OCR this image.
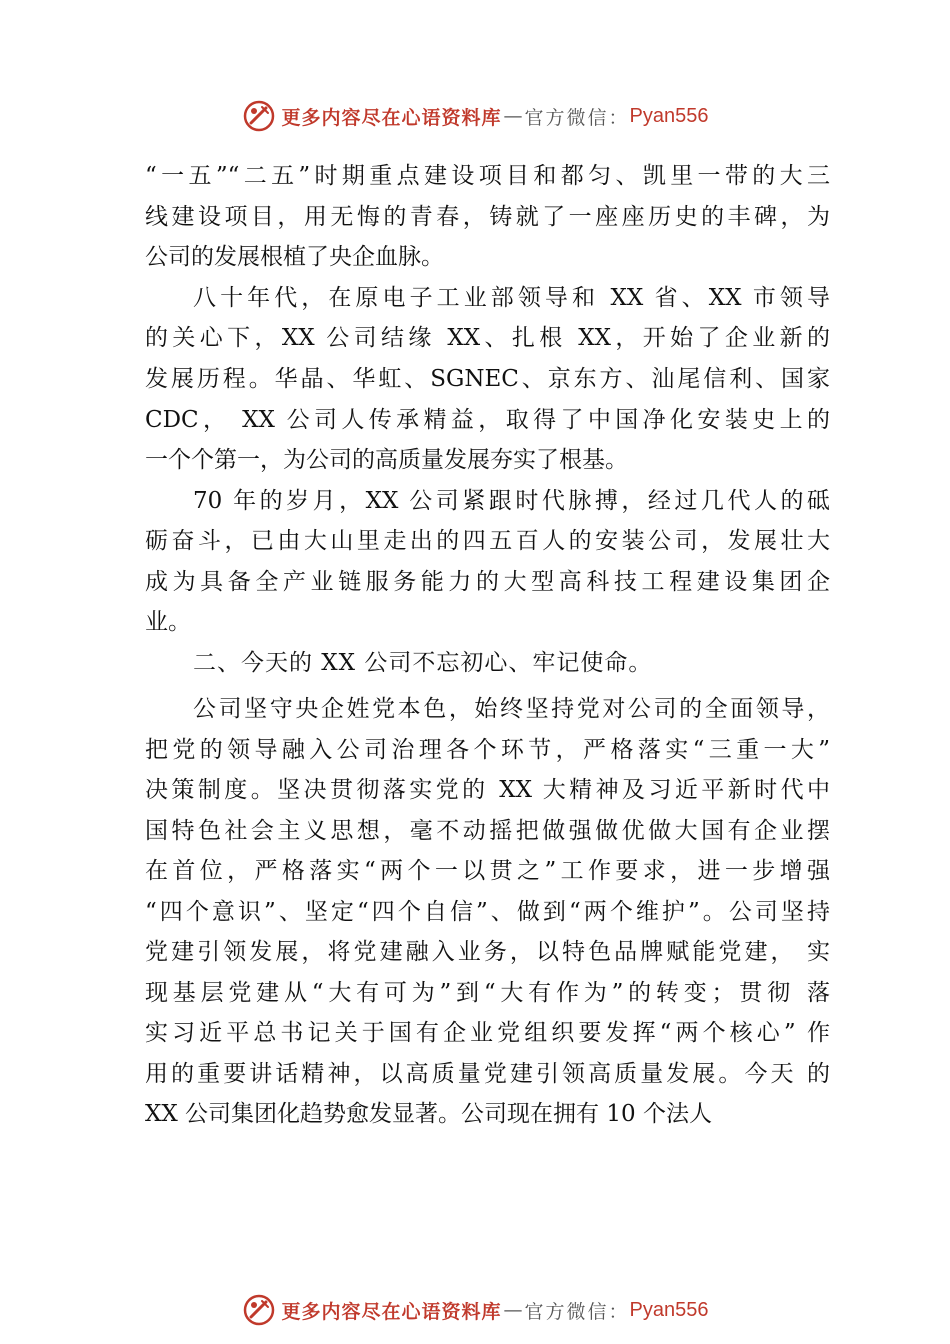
更多内容尽在心语资料库 — 官方微信： Pyan556
“一五”“二五”时期重点建设项目和都匀、凯里一带的大三
线建设项目，用无悔的青春，铸就了一座座历史的丰碑，为
公司的发展根植了央企血脉。
八十年代，在原电子工业部领导和 XX 省、XX 市领导
的关心下，XX 公司结缘 XX、扎根 XX，开始了企业新的
发展历程。华晶、华虹、SGNEC、京东方、汕尾信利、国家
CDC， XX 公司人传承精益，取得了中国净化安装史上的
一个个第一，为公司的高质量发展夯实了根基。
70 年的岁月，XX 公司紧跟时代脉搏，经过几代人的砥
砺奋斗，已由大山里走出的四五百人的安装公司，发展壮大
成为具备全产业链服务能力的大型高科技工程建设集团企
业。
二、今天的 XX 公司不忘初心、牢记使命。
公司坚守央企姓党本色，始终坚持党对公司的全面领导，
把党的领导融入公司治理各个环节，严格落实“三重一大”
决策制度。坚决贯彻落实党的 XX 大精神及习近平新时代中
国特色社会主义思想，毫不动摇把做强做优做大国有企业摆
在首位，严格落实“两个一以贯之”工作要求，进一步增强
“四个意识”、坚定“四个自信”、做到“两个维护”。公司坚持
党建引领发展，将党建融入业务，以特色品牌赋能党建， 实
现基层党建从“大有可为”到“大有作为”的转变；贯彻 落
实习近平总书记关于国有企业党组织要发挥“两个核心” 作
用的重要讲话精神，以高质量党建引领高质量发展。今天 的
XX 公司集团化趋势愈发显著。公司现在拥有 10 个法人
更多内容尽在心语资料库 — 官方微信： Pyan556
